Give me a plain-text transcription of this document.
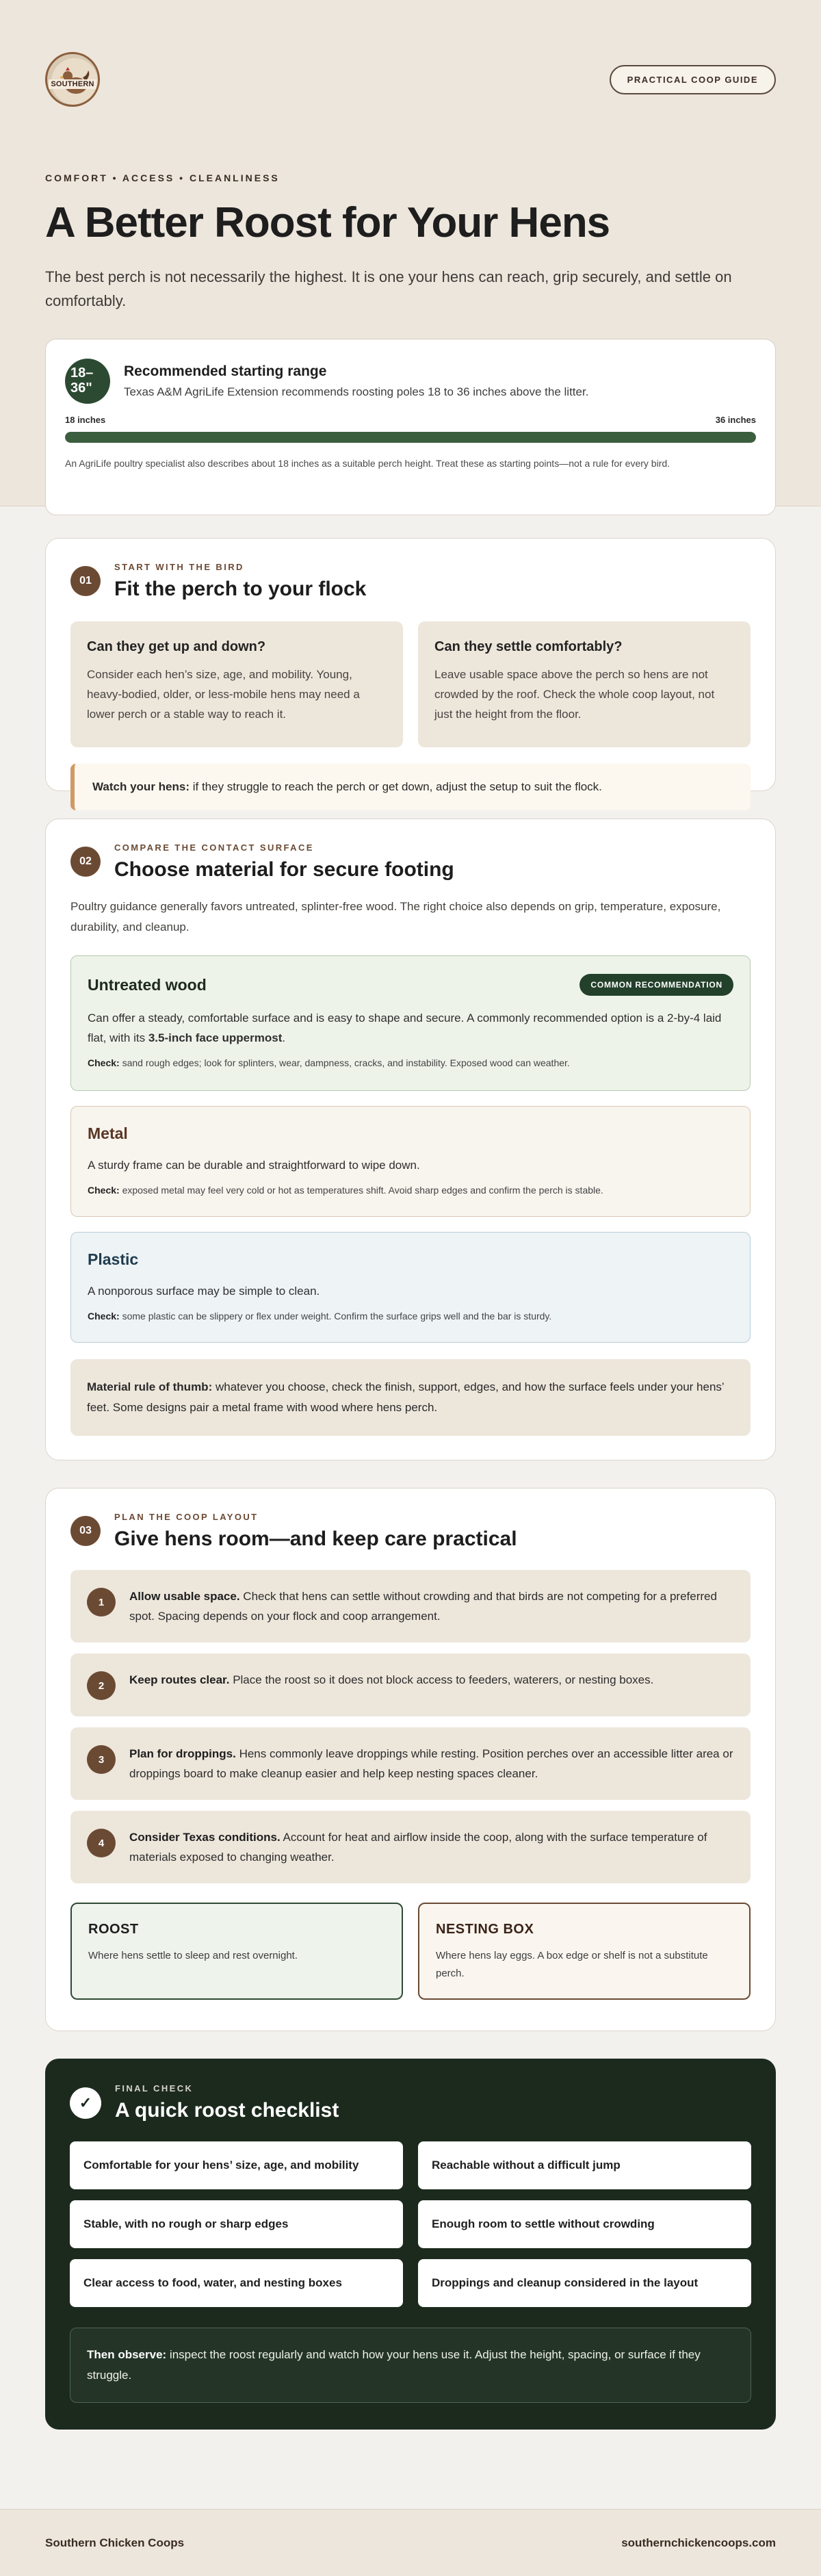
SOUTHERN	PRACTICAL COOP GUIDE
COMFORT • ACCESS • CLEANLINESS
A Better Roost for Your Hens

The best perch is not necessarily the highest. It is one your hens can reach, grip securely, and settle on comfortably.

18–36"
Recommended starting range
Texas A&M AgriLife Extension recommends roosting poles 18 to 36 inches above the litter.
18 inches	36 inches

An AgriLife poultry specialist also describes about 18 inches as a suitable perch height. Treat these as starting points—not a rule for every bird.

01
START WITH THE BIRD
Fit the perch to your flock
Can they get up and down?

Consider each hen’s size, age, and mobility. Young, heavy-bodied, older, or less-mobile hens may need a lower perch or a stable way to reach it.

Can they settle comfortably?

Leave usable space above the perch so hens are not crowded by the roof. Check the whole coop layout, not just the height from the floor.

Watch your hens: if they struggle to reach the perch or get down, adjust the setup to suit the flock.
02
COMPARE THE CONTACT SURFACE
Choose material for secure footing

Poultry guidance generally favors untreated, splinter-free wood. The right choice also depends on grip, temperature, exposure, durability, and cleanup.

Untreated wood	COMMON RECOMMENDATION

Can offer a steady, comfortable surface and is easy to shape and secure. A commonly recommended option is a 2-by-4 laid flat, with its 3.5-inch face uppermost.

Check: sand rough edges; look for splinters, wear, dampness, cracks, and instability. Exposed wood can weather.

Metal

A sturdy frame can be durable and straightforward to wipe down.

Check: exposed metal may feel very cold or hot as temperatures shift. Avoid sharp edges and confirm the perch is stable.

Plastic

A nonporous surface may be simple to clean.

Check: some plastic can be slippery or flex under weight. Confirm the surface grips well and the bar is sturdy.

Material rule of thumb: whatever you choose, check the finish, support, edges, and how the surface feels under your hens’ feet. Some designs pair a metal frame with wood where hens perch.
03
PLAN THE COOP LAYOUT
Give hens room—and keep care practical
1	Allow usable space. Check that hens can settle without crowding and that birds are not competing for a preferred spot. Spacing depends on your flock and coop arrangement.
2	Keep routes clear. Place the roost so it does not block access to feeders, waterers, or nesting boxes.
3	Plan for droppings. Hens commonly leave droppings while resting. Position perches over an accessible litter area or droppings board to make cleanup easier and help keep nesting spaces cleaner.
4	Consider Texas conditions. Account for heat and airflow inside the coop, along with the surface temperature of materials exposed to changing weather.
ROOST

Where hens settle to sleep and rest overnight.

NESTING BOX

Where hens lay eggs. A box edge or shelf is not a substitute perch.

✓
FINAL CHECK
A quick roost checklist
Comfortable for your hens’ size, age, and mobility	Reachable without a difficult jump
Stable, with no rough or sharp edges	Enough room to settle without crowding
Clear access to food, water, and nesting boxes	Droppings and cleanup considered in the layout
Then observe: inspect the roost regularly and watch how your hens use it. Adjust the height, spacing, or surface if they struggle.
Southern Chicken Coops	southernchickencoops.com
